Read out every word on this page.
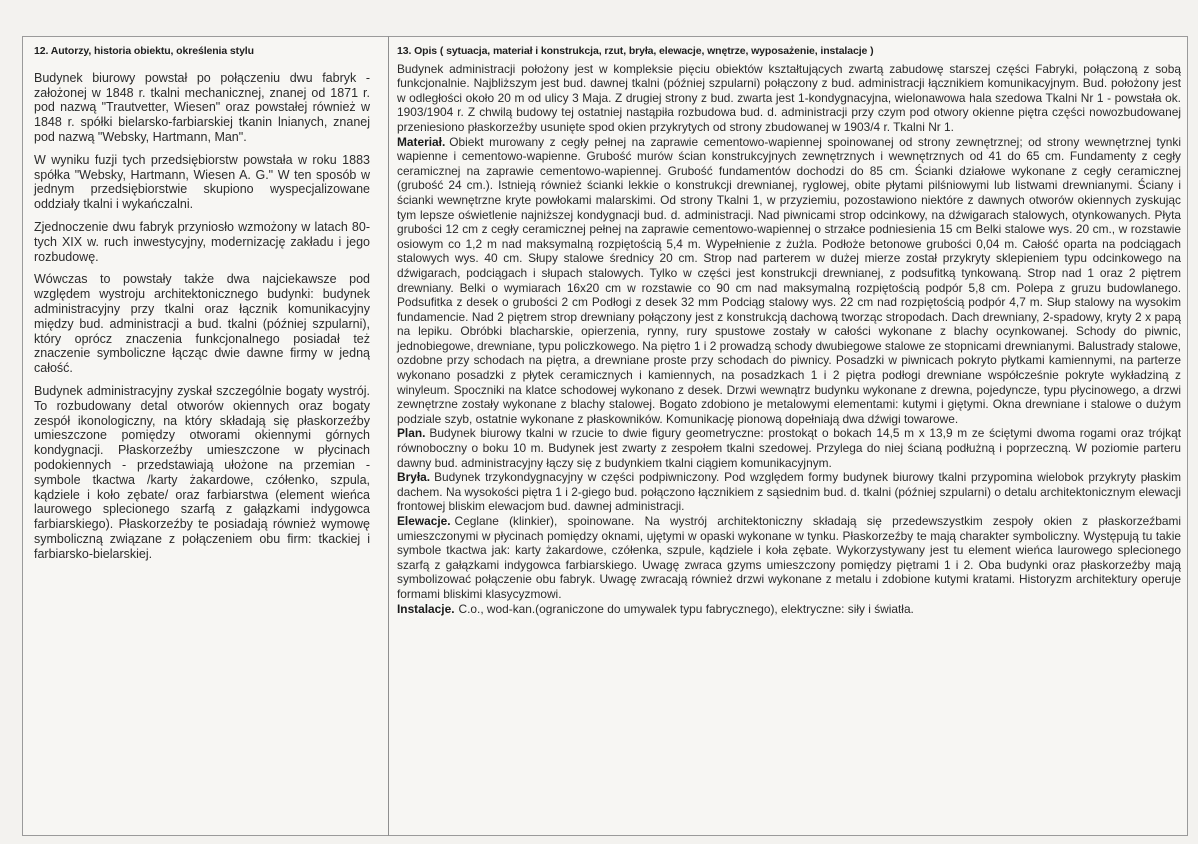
12. Autorzy, historia obiektu, określenia stylu

Budynek biurowy powstał po połączeniu dwu fabryk - założonej w 1848 r. tkalni mechanicznej, znanej od 1871 r. pod nazwą "Trautvetter, Wiesen" oraz powstałej również w 1848 r. spółki bielarsko-farbiarskiej tkanin lnianych, znanej pod nazwą "Websky, Hartmann, Man".

W wyniku fuzji tych przedsiębiorstw powstała w roku 1883 spółka "Websky, Hartmann, Wiesen A. G." W ten sposób w jednym przedsiębiorstwie skupiono wyspecjalizowane oddziały tkalni i wykańczalni.

Zjednoczenie dwu fabryk przyniosło wzmożony w latach 80-tych XIX w. ruch inwestycyjny, modernizację zakładu i jego rozbudowę.

Wówczas to powstały także dwa najciekawsze pod względem wystroju architektonicznego budynki: budynek administracyjny przy tkalni oraz łącznik komunikacyjny między bud. administracji a bud. tkalni (później szpularni), który oprócz znaczenia funkcjonalnego posiadał też znaczenie symboliczne łącząc dwie dawne firmy w jedną całość.

Budynek administracyjny zyskał szczególnie bogaty wystrój. To rozbudowany detal otworów okiennych oraz bogaty zespół ikonologiczny, na który składają się płaskorzeźby umieszczone pomiędzy otworami okiennymi górnych kondygnacji. Płaskorzeźby umieszczone w płycinach podokiennych - przedstawiają ułożone na przemian - symbole tkactwa /karty żakardowe, czółenko, szpula, kądziele i koło zębate/ oraz farbiarstwa (element wieńca laurowego splecionego szarfą z gałązkami indygowca farbiarskiego). Płaskorzeźby te posiadają również wymowę symboliczną związane z połączeniem obu firm: tkackiej i farbiarsko-bielarskiej.

13. Opis ( sytuacja, materiał i konstrukcja, rzut, bryła, elewacje, wnętrze, wyposażenie, instalacje )

Budynek administracji położony jest w kompleksie pięciu obiektów kształtujących zwartą zabudowę starszej części Fabryki, połączoną z sobą funkcjonalnie. Najbliższym jest bud. dawnej tkalni (później szpularni) połączony z bud. administracji łącznikiem komunikacyjnym. Bud. położony jest w odległości około 20 m od ulicy 3 Maja. Z drugiej strony z bud. zwarta jest 1-kondygnacyjna, wielonawowa hala szedowa Tkalni Nr 1 - powstała ok. 1903/1904 r. Z chwilą budowy tej ostatniej nastąpiła rozbudowa bud. d. administracji przy czym pod otwory okienne piętra części nowozbudowanej przeniesiono płaskorzeźby usunięte spod okien przykrytych od strony zbudowanej w 1903/4 r. Tkalni Nr 1.

Materiał. Obiekt murowany z cegły pełnej na zaprawie cementowo-wapiennej spoinowanej od strony zewnętrznej; od strony wewnętrznej tynki wapienne i cementowo-wapienne. Grubość murów ścian konstrukcyjnych zewnętrznych i wewnętrznych od 41 do 65 cm. Fundamenty z cegły ceramicznej na zaprawie cementowo-wapiennej. Grubość fundamentów dochodzi do 85 cm. Ścianki działowe wykonane z cegły ceramicznej (grubość 24 cm.). Istnieją również ścianki lekkie o konstrukcji drewnianej, ryglowej, obite płytami pilśniowymi lub listwami drewnianymi. Ściany i ścianki wewnętrzne kryte powłokami malarskimi. Od strony Tkalni 1, w przyziemiu, pozostawiono niektóre z dawnych otworów okiennych zyskując tym lepsze oświetlenie najniższej kondygnacji bud. d. administracji. Nad piwnicami strop odcinkowy, na dźwigarach stalowych, otynkowanych. Płyta grubości 12 cm z cegły ceramicznej pełnej na zaprawie cementowo-wapiennej o strzałce podniesienia 15 cm Belki stalowe wys. 20 cm., w rozstawie osiowym co 1,2 m nad maksymalną rozpiętością 5,4 m. Wypełnienie z żużla. Podłoże betonowe grubości 0,04 m. Całość oparta na podciągach stalowych wys. 40 cm. Słupy stalowe średnicy 20 cm. Strop nad parterem w dużej mierze został przykryty sklepieniem typu odcinkowego na dźwigarach, podciągach i słupach stalowych. Tylko w części jest konstrukcji drewnianej, z podsufitką tynkowaną. Strop nad 1 oraz 2 piętrem drewniany. Belki o wymiarach 16x20 cm w rozstawie co 90 cm nad maksymalną rozpiętością podpór 5,8 cm. Polepa z gruzu budowlanego. Podsufitka z desek o grubości 2 cm Podłogi z desek 32 mm Podciąg stalowy wys. 22 cm nad rozpiętością podpór 4,7 m. Słup stalowy na wysokim fundamencie. Nad 2 piętrem strop drewniany połączony jest z konstrukcją dachową tworząc stropodach. Dach drewniany, 2-spadowy, kryty 2 x papą na lepiku. Obróbki blacharskie, opierzenia, rynny, rury spustowe zostały w całości wykonane z blachy ocynkowanej. Schody do piwnic, jednobiegowe, drewniane, typu policzkowego. Na piętro 1 i 2 prowadzą schody dwubiegowe stalowe ze stopnicami drewnianymi. Balustrady stalowe, ozdobne przy schodach na piętra, a drewniane proste przy schodach do piwnicy. Posadzki w piwnicach pokryto płytkami kamiennymi, na parterze wykonano posadzki z płytek ceramicznych i kamiennych, na posadzkach 1 i 2 piętra podłogi drewniane współcześnie pokryte wykładziną z winyleum. Spoczniki na klatce schodowej wykonano z desek. Drzwi wewnątrz budynku wykonane z drewna, pojedyncze, typu płycinowego, a drzwi zewnętrzne zostały wykonane z blachy stalowej. Bogato zdobiono je metalowymi elementami: kutymi i giętymi. Okna drewniane i stalowe o dużym podziale szyb, ostatnie wykonane z płaskowników. Komunikację pionową dopełniają dwa dźwigi towarowe.

Plan. Budynek biurowy tkalni w rzucie to dwie figury geometryczne: prostokąt o bokach 14,5 m x 13,9 m ze ściętymi dwoma rogami oraz trójkąt równoboczny o boku 10 m. Budynek jest zwarty z zespołem tkalni szedowej. Przylega do niej ścianą podłużną i poprzeczną. W poziomie parteru dawny bud. administracyjny łączy się z budynkiem tkalni ciągiem komunikacyjnym.

Bryła. Budynek trzykondygnacyjny w części podpiwniczony. Pod względem formy budynek biurowy tkalni przypomina wielobok przykryty płaskim dachem. Na wysokości piętra 1 i 2-giego bud. połączono łącznikiem z sąsiednim bud. d. tkalni (później szpularni) o detalu architektonicznym elewacji frontowej bliskim elewacjom bud. dawnej administracji.

Elewacje. Ceglane (klinkier), spoinowane. Na wystrój architektoniczny składają się przedewszystkim zespoły okien z płaskorzeźbami umieszczonymi w płycinach pomiędzy oknami, ujętymi w opaski wykonane w tynku. Płaskorzeźby te mają charakter symboliczny. Występują tu takie symbole tkactwa jak: karty żakardowe, czółenka, szpule, kądziele i koła zębate. Wykorzystywany jest tu element wieńca laurowego splecionego szarfą z gałązkami indygowca farbiarskiego. Uwagę zwraca gzyms umieszczony pomiędzy piętrami 1 i 2. Oba budynki oraz płaskorzeźby mają symbolizować połączenie obu fabryk. Uwagę zwracają również drzwi wykonane z metalu i zdobione kutymi kratami. Historyzm architektury operuje formami bliskimi klasycyzmowi.

Instalacje. C.o., wod-kan.(ograniczone do umywalek typu fabrycznego), elektryczne: siły i światła.
